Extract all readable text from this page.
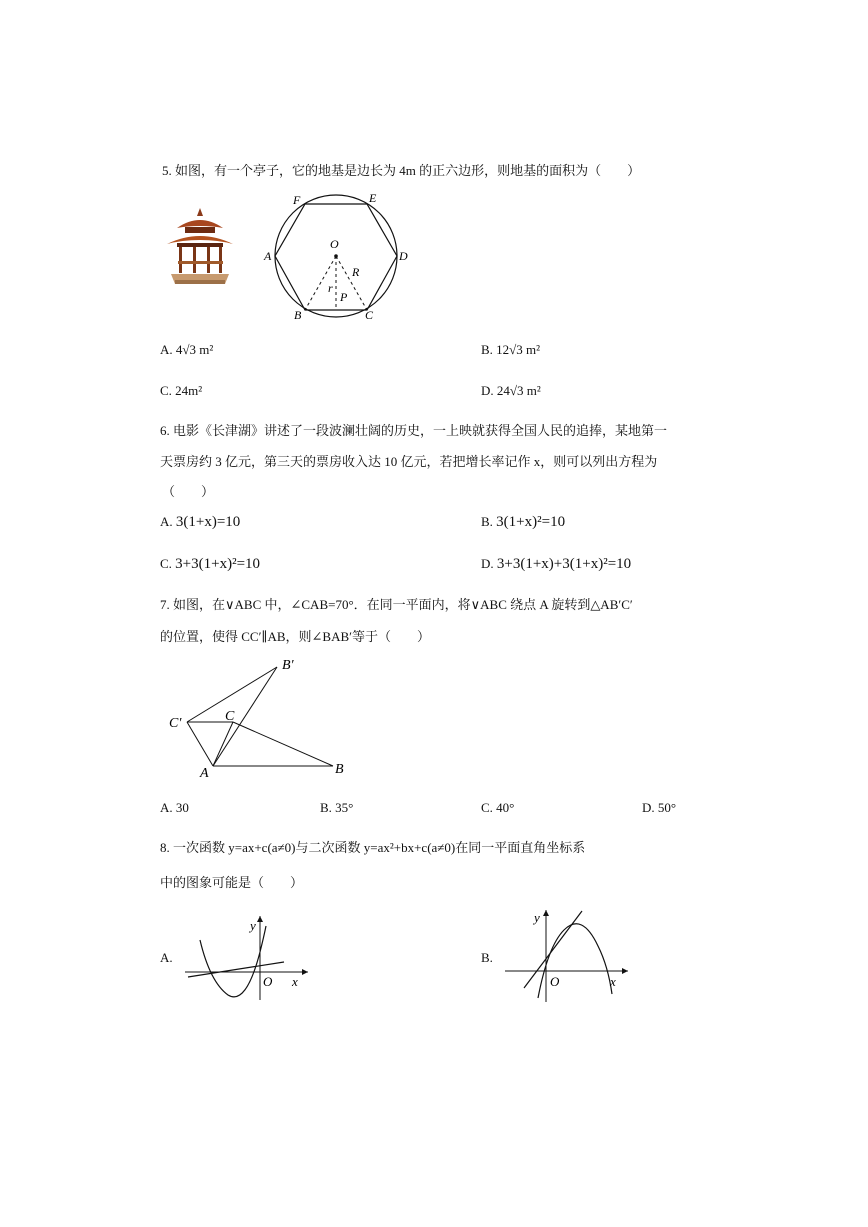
5. 如图，有一个亭子，它的地基是边长为 4m 的正六边形，则地基的面积为（　　）
F	E
A	D
O
R
r
P
B	C
A. 4√3 m²	B. 12√3 m²
C. 24m²	D. 24√3 m²
6. 电影《长津湖》讲述了一段波澜壮阔的历史，一上映就获得全国人民的追捧，某地第一
天票房约 3 亿元，第三天的票房收入达 10 亿元，若把增长率记作 x，则可以列出方程为
（　　）
A. 3(1+x)=10	B. 3(1+x)²=10
C. 3+3(1+x)²=10	D. 3+3(1+x)+3(1+x)²=10
7. 如图，在∨ABC 中，∠CAB=70°．在同一平面内，将∨ABC 绕点 A 旋转到△AB′C′
的位置，使得 CC′∥AB，则∠BAB′等于（　　）
B′
C′	C
A	B
A. 30	B. 35°	C. 40°	D. 50°
8. 一次函数 y=ax+c(a≠0)与二次函数 y=ax²+bx+c(a≠0)在同一平面直角坐标系
中的图象可能是（　　）
A.
y
x
O
B.
y
x
O
